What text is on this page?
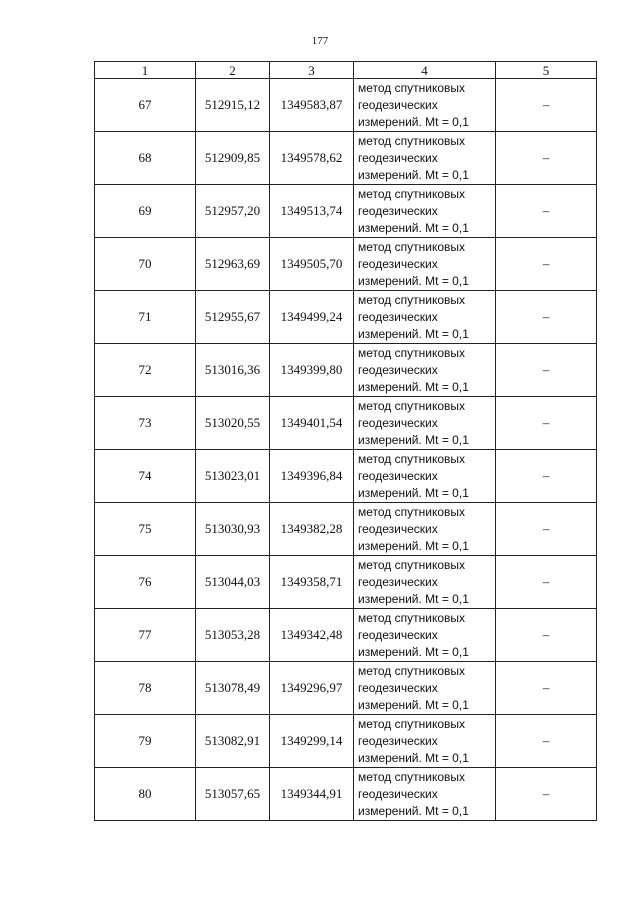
177
1	2	3	4	5
67	512915,12	1349583,87	метод спутниковых
геодезических
измерений. Mt = 0,1	–
68	512909,85	1349578,62	метод спутниковых
геодезических
измерений. Mt = 0,1	–
69	512957,20	1349513,74	метод спутниковых
геодезических
измерений. Mt = 0,1	–
70	512963,69	1349505,70	метод спутниковых
геодезических
измерений. Mt = 0,1	–
71	512955,67	1349499,24	метод спутниковых
геодезических
измерений. Mt = 0,1	–
72	513016,36	1349399,80	метод спутниковых
геодезических
измерений. Mt = 0,1	–
73	513020,55	1349401,54	метод спутниковых
геодезических
измерений. Mt = 0,1	–
74	513023,01	1349396,84	метод спутниковых
геодезических
измерений. Mt = 0,1	–
75	513030,93	1349382,28	метод спутниковых
геодезических
измерений. Mt = 0,1	–
76	513044,03	1349358,71	метод спутниковых
геодезических
измерений. Mt = 0,1	–
77	513053,28	1349342,48	метод спутниковых
геодезических
измерений. Mt = 0,1	–
78	513078,49	1349296,97	метод спутниковых
геодезических
измерений. Mt = 0,1	–
79	513082,91	1349299,14	метод спутниковых
геодезических
измерений. Mt = 0,1	–
80	513057,65	1349344,91	метод спутниковых
геодезических
измерений. Mt = 0,1	–
